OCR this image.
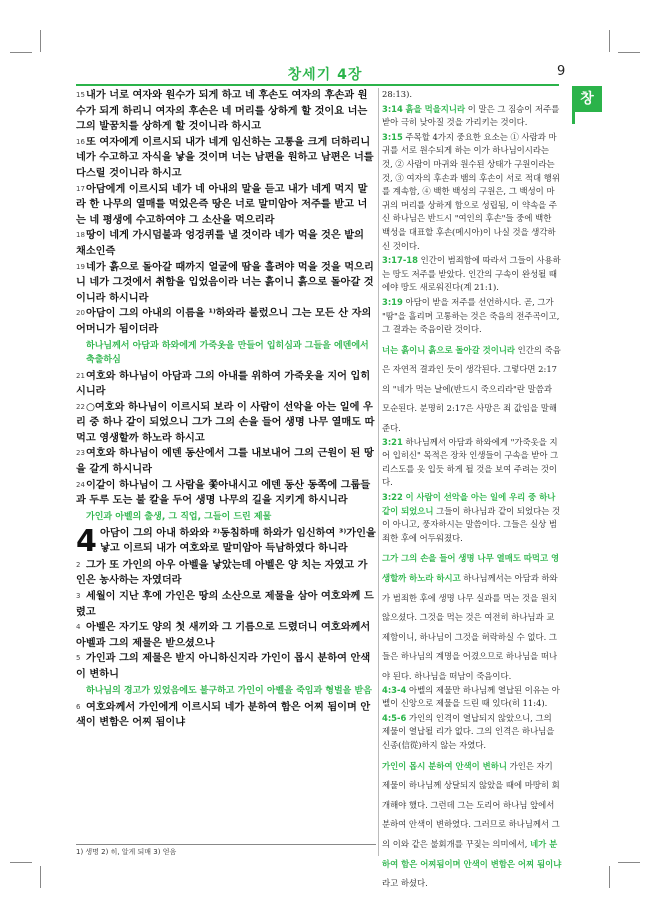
창세기 4장	9
창

15내가 너로 여자와 원수가 되게 하고 네 후손도 여자의 후손과 원수가 되게 하리니 여자의 후손은 네 머리를 상하게 할 것이요 너는 그의 발꿈치를 상하게 할 것이니라 하시고

16또 여자에게 이르시되 내가 네게 임신하는 고통을 크게 더하리니 네가 수고하고 자식을 낳을 것이며 너는 남편을 원하고 남편은 너를 다스릴 것이니라 하시고

17아담에게 이르시되 네가 네 아내의 말을 듣고 내가 네게 먹지 말라 한 나무의 열매를 먹었은즉 땅은 너로 말미암아 저주를 받고 너는 네 평생에 수고하여야 그 소산을 먹으리라

18땅이 네게 가시덤불과 엉겅퀴를 낼 것이라 네가 먹을 것은 밭의 채소인즉

19네가 흙으로 돌아갈 때까지 얼굴에 땀을 흘려야 먹을 것을 먹으리니 네가 그것에서 취함을 입었음이라 너는 흙이니 흙으로 돌아갈 것이니라 하시니라

20아담이 그의 아내의 이름을 ¹⁾하와라 불렀으니 그는 모든 산 자의 어머니가 됨이더라

하나님께서 아담과 하와에게 가죽옷을 만들어 입히심과 그들을 에덴에서 축출하심

21여호와 하나님이 아담과 그의 아내를 위하여 가죽옷을 지어 입히시니라

22○여호와 하나님이 이르시되 보라 이 사람이 선악을 아는 일에 우리 중 하나 같이 되었으니 그가 그의 손을 들어 생명 나무 열매도 따먹고 영생할까 하노라 하시고

23여호와 하나님이 에덴 동산에서 그를 내보내어 그의 근원이 된 땅을 갈게 하시니라

24이같이 하나님이 그 사람을 쫓아내시고 에덴 동산 동쪽에 그룹들과 두루 도는 불 칼을 두어 생명 나무의 길을 지키게 하시니라

가인과 아벨의 출생, 그 직업, 그들이 드린 제물
4 아담이 그의 아내 하와와 ²⁾동침하매 하와가 임신하여 ³⁾가인을 낳고 이르되 내가 여호와로 말미암아 득남하였다 하니라

2 그가 또 가인의 아우 아벨을 낳았는데 아벨은 양 치는 자였고 가인은 농사하는 자였더라

3 세월이 지난 후에 가인은 땅의 소산으로 제물을 삼아 여호와께 드렸고

4 아벨은 자기도 양의 첫 새끼와 그 기름으로 드렸더니 여호와께서 아벨과 그의 제물은 받으셨으나

5 가인과 그의 제물은 받지 아니하신지라 가인이 몹시 분하여 안색이 변하니

하나님의 경고가 있었음에도 불구하고 가인이 아벨을 죽임과 형벌을 받음

6 여호와께서 가인에게 이르시되 네가 분하여 함은 어찌 됨이며 안색이 변함은 어찌 됨이냐

28:13).

3:14 흙을 먹을지니라 이 말은 그 짐승이 저주를 받아 극히 낮아질 것을 가리키는 것이다.

3:15 주목할 4가지 중요한 요소는 ① 사람과 마귀를 서로 원수되게 하는 이가 하나님이시라는 것, ② 사람이 마귀와 원수된 상태가 구원이라는 것, ③ 여자의 후손과 뱀의 후손이 서로 적대 행위를 계속함, ④ 백한 백성의 구원은, 그 백성이 마귀의 머리를 상하게 함으로 성립됨, 이 약속을 주신 하나님은 반드시 "여인의 후손"들 중에 백한 백성을 대표할 후손(메시아)이 나실 것을 생각하신 것이다.

3:17-18 인간이 범죄함에 따라서 그들이 사용하는 땅도 저주를 받았다. 인간의 구속이 완성될 때에야 땅도 새로워진다(계 21:1).

3:19 아담이 받을 저주를 선언하시다. 곧, 그가 "땀"을 흘리며 고통하는 것은 죽음의 전주곡이고, 그 결과는 죽음이란 것이다.

너는 흙이니 흙으로 돌아갈 것이니라 인간의 죽음은 자연적 결과인 듯이 생각된다. 그렇다면 2:17의 "네가 먹는 날에(반드시 죽으리라"란 말씀과 모순된다. 분명히 2:17은 사망은 죄 값임을 말해 준다.

3:21 하나님께서 아담과 하와에게 "가죽옷을 지어 입히신" 목적은 장차 인생들이 구속을 받아 그리스도를 옷 입듯 하게 될 것을 보여 주려는 것이다.

3:22 이 사람이 선악을 아는 일에 우리 중 하나 같이 되었으니 그들이 하나님과 같이 되었다는 것이 아니고, 풍자하시는 말씀이다. 그들은 실상 범죄한 후에 어두워졌다.

그가 그의 손을 들어 생명 나무 열매도 따먹고 영생할까 하노라 하시고 하나님께서는 아담과 하와가 범죄한 후에 생명 나무 실과를 먹는 것을 원치 않으셨다. 그것을 먹는 것은 여전히 하나님과 교제함이니, 하나님이 그것을 허락하실 수 없다. 그들은 하나님의 계명을 어겼으므로 하나님을 떠나야 된다. 하나님을 떠남이 죽음이다.

4:3-4 아벨의 제물만 하나님께 열납된 이유는 아벨이 신앙으로 제물을 드린 때 있다(히 11:4).

4:5-6 가인의 인격이 열납되지 않았으니, 그의 제물이 열납될 리가 없다. 그의 인격은 하나님을 신종(信從)하지 않는 자였다.

가인이 몹시 분하여 안색이 변하니 가인은 자기 제물이 하나님께 상달되지 않았을 때에 마땅히 회개해야 했다. 그런데 그는 도리어 하나님 앞에서 분하여 안색이 변하였다. 그러므로 하나님께서 그의 이와 같은 불회개를 꾸짖는 의미에서,

네가 분하여 함은 어찌됨이며 안색이 변함은 어찌 됨이냐라고 하셨다.

1) 생명 2) 히, 알게 되매 3) 얻음
